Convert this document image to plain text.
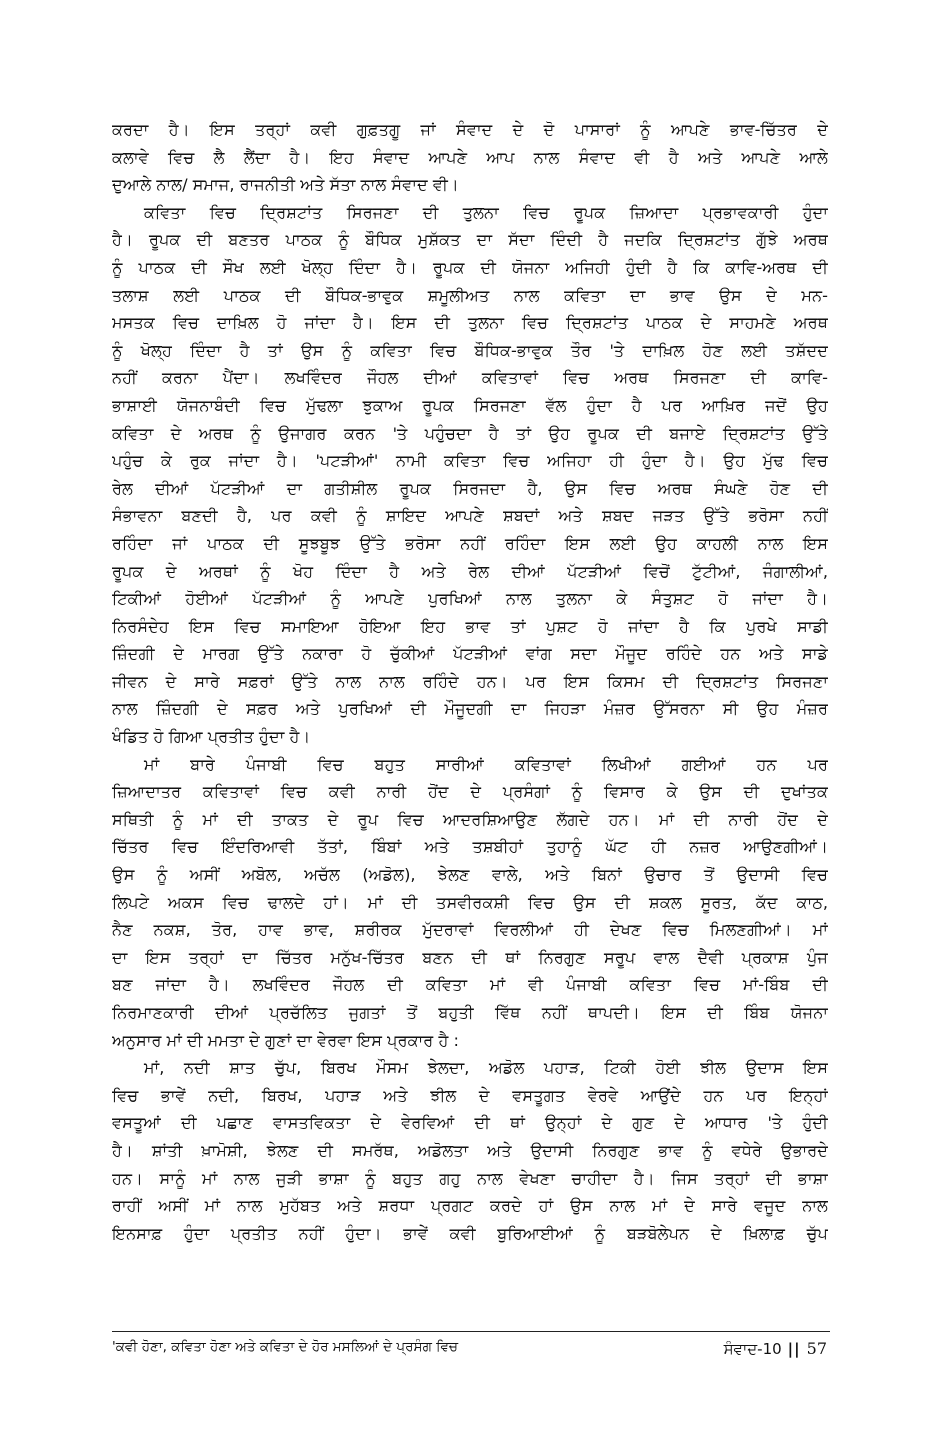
ਕਰਦਾ ਹੈ। ਇਸ ਤਰ੍ਹਾਂ ਕਵੀ ਗੁਫ਼ਤਗੂ ਜਾਂ ਸੰਵਾਦ ਦੇ ਦੋ ਪਾਸਾਰਾਂ ਨੂੰ ਆਪਣੇ ਭਾਵ-ਚਿੱਤਰ ਦੇ
ਕਲਾਵੇ ਵਿਚ ਲੈ ਲੈਂਦਾ ਹੈ। ਇਹ ਸੰਵਾਦ ਆਪਣੇ ਆਪ ਨਾਲ ਸੰਵਾਦ ਵੀ ਹੈ ਅਤੇ ਆਪਣੇ ਆਲੇ
ਦੁਆਲੇ ਨਾਲ/ ਸਮਾਜ, ਰਾਜਨੀਤੀ ਅਤੇ ਸੱਤਾ ਨਾਲ ਸੰਵਾਦ ਵੀ।
ਕਵਿਤਾ ਵਿਚ ਦ੍ਰਿਸ਼ਟਾਂਤ ਸਿਰਜਣਾ ਦੀ ਤੁਲਨਾ ਵਿਚ ਰੂਪਕ ਜ਼ਿਆਦਾ ਪ੍ਰਭਾਵਕਾਰੀ ਹੁੰਦਾ
ਹੈ। ਰੂਪਕ ਦੀ ਬਣਤਰ ਪਾਠਕ ਨੂੰ ਬੌਧਿਕ ਮੁਸ਼ੱਕਤ ਦਾ ਸੱਦਾ ਦਿੰਦੀ ਹੈ ਜਦਕਿ ਦ੍ਰਿਸ਼ਟਾਂਤ ਗੁੱਝੇ ਅਰਥ
ਨੂੰ ਪਾਠਕ ਦੀ ਸੌਖ ਲਈ ਖੋਲ੍ਹ ਦਿੰਦਾ ਹੈ। ਰੂਪਕ ਦੀ ਯੋਜਨਾ ਅਜਿਹੀ ਹੁੰਦੀ ਹੈ ਕਿ ਕਾਵਿ-ਅਰਥ ਦੀ
ਤਲਾਸ਼ ਲਈ ਪਾਠਕ ਦੀ ਬੌਧਿਕ-ਭਾਵੁਕ ਸ਼ਮੂਲੀਅਤ ਨਾਲ ਕਵਿਤਾ ਦਾ ਭਾਵ ਉਸ ਦੇ ਮਨ-
ਮਸਤਕ ਵਿਚ ਦਾਖ਼ਿਲ ਹੋ ਜਾਂਦਾ ਹੈ। ਇਸ ਦੀ ਤੁਲਨਾ ਵਿਚ ਦ੍ਰਿਸ਼ਟਾਂਤ ਪਾਠਕ ਦੇ ਸਾਹਮਣੇ ਅਰਥ
ਨੂੰ ਖੋਲ੍ਹ ਦਿੰਦਾ ਹੈ ਤਾਂ ਉਸ ਨੂੰ ਕਵਿਤਾ ਵਿਚ ਬੌਧਿਕ-ਭਾਵੁਕ ਤੌਰ 'ਤੇ ਦਾਖ਼ਿਲ ਹੋਣ ਲਈ ਤਸ਼ੱਦਦ
ਨਹੀਂ ਕਰਨਾ ਪੈਂਦਾ। ਲਖਵਿੰਦਰ ਜੌਹਲ ਦੀਆਂ ਕਵਿਤਾਵਾਂ ਵਿਚ ਅਰਥ ਸਿਰਜਣਾ ਦੀ ਕਾਵਿ-
ਭਾਸ਼ਾਈ ਯੋਜਨਾਬੰਦੀ ਵਿਚ ਮੁੱਢਲਾ ਝੁਕਾਅ ਰੂਪਕ ਸਿਰਜਣਾ ਵੱਲ ਹੁੰਦਾ ਹੈ ਪਰ ਆਖ਼ਿਰ ਜਦੋਂ ਉਹ
ਕਵਿਤਾ ਦੇ ਅਰਥ ਨੂੰ ਉਜਾਗਰ ਕਰਨ 'ਤੇ ਪਹੁੰਚਦਾ ਹੈ ਤਾਂ ਉਹ ਰੂਪਕ ਦੀ ਬਜਾਏ ਦ੍ਰਿਸ਼ਟਾਂਤ ਉੱਤੇ
ਪਹੁੰਚ ਕੇ ਰੁਕ ਜਾਂਦਾ ਹੈ। 'ਪਟੜੀਆਂ' ਨਾਮੀ ਕਵਿਤਾ ਵਿਚ ਅਜਿਹਾ ਹੀ ਹੁੰਦਾ ਹੈ। ਉਹ ਮੁੱਢ ਵਿਚ
ਰੇਲ ਦੀਆਂ ਪੱਟੜੀਆਂ ਦਾ ਗਤੀਸ਼ੀਲ ਰੂਪਕ ਸਿਰਜਦਾ ਹੈ, ਉਸ ਵਿਚ ਅਰਥ ਸੰਘਣੇ ਹੋਣ ਦੀ
ਸੰਭਾਵਨਾ ਬਣਦੀ ਹੈ, ਪਰ ਕਵੀ ਨੂੰ ਸ਼ਾਇਦ ਆਪਣੇ ਸ਼ਬਦਾਂ ਅਤੇ ਸ਼ਬਦ ਜੜਤ ਉੱਤੇ ਭਰੋਸਾ ਨਹੀਂ
ਰਹਿੰਦਾ ਜਾਂ ਪਾਠਕ ਦੀ ਸੂਝਬੂਝ ਉੱਤੇ ਭਰੋਸਾ ਨਹੀਂ ਰਹਿੰਦਾ ਇਸ ਲਈ ਉਹ ਕਾਹਲੀ ਨਾਲ ਇਸ
ਰੂਪਕ ਦੇ ਅਰਥਾਂ ਨੂੰ ਖੋਹ ਦਿੰਦਾ ਹੈ ਅਤੇ ਰੇਲ ਦੀਆਂ ਪੱਟੜੀਆਂ ਵਿਚੋਂ ਟੁੱਟੀਆਂ, ਜੰਗਾਲੀਆਂ,
ਟਿਕੀਆਂ ਹੋਈਆਂ ਪੱਟੜੀਆਂ ਨੂੰ ਆਪਣੇ ਪੁਰਖਿਆਂ ਨਾਲ ਤੁਲਨਾ ਕੇ ਸੰਤੁਸ਼ਟ ਹੋ ਜਾਂਦਾ ਹੈ।
ਨਿਰਸੰਦੇਹ ਇਸ ਵਿਚ ਸਮਾਇਆ ਹੋਇਆ ਇਹ ਭਾਵ ਤਾਂ ਪੁਸ਼ਟ ਹੋ ਜਾਂਦਾ ਹੈ ਕਿ ਪੁਰਖੇ ਸਾਡੀ
ਜ਼ਿੰਦਗੀ ਦੇ ਮਾਰਗ ਉੱਤੇ ਨਕਾਰਾ ਹੋ ਚੁੱਕੀਆਂ ਪੱਟੜੀਆਂ ਵਾਂਗ ਸਦਾ ਮੌਜੂਦ ਰਹਿੰਦੇ ਹਨ ਅਤੇ ਸਾਡੇ
ਜੀਵਨ ਦੇ ਸਾਰੇ ਸਫ਼ਰਾਂ ਉੱਤੇ ਨਾਲ ਨਾਲ ਰਹਿੰਦੇ ਹਨ। ਪਰ ਇਸ ਕਿਸਮ ਦੀ ਦ੍ਰਿਸ਼ਟਾਂਤ ਸਿਰਜਣਾ
ਨਾਲ ਜ਼ਿੰਦਗੀ ਦੇ ਸਫ਼ਰ ਅਤੇ ਪੁਰਖਿਆਂ ਦੀ ਮੌਜੂਦਗੀ ਦਾ ਜਿਹੜਾ ਮੰਜ਼ਰ ਉੱਸਰਨਾ ਸੀ ਉਹ ਮੰਜ਼ਰ
ਖੰਡਿਤ ਹੋ ਗਿਆ ਪ੍ਰਤੀਤ ਹੁੰਦਾ ਹੈ।
ਮਾਂ ਬਾਰੇ ਪੰਜਾਬੀ ਵਿਚ ਬਹੁਤ ਸਾਰੀਆਂ ਕਵਿਤਾਵਾਂ ਲਿਖੀਆਂ ਗਈਆਂ ਹਨ ਪਰ
ਜ਼ਿਆਦਾਤਰ ਕਵਿਤਾਵਾਂ ਵਿਚ ਕਵੀ ਨਾਰੀ ਹੋਂਦ ਦੇ ਪ੍ਰਸੰਗਾਂ ਨੂੰ ਵਿਸਾਰ ਕੇ ਉਸ ਦੀ ਦੁਖਾਂਤਕ
ਸਥਿਤੀ ਨੂੰ ਮਾਂ ਦੀ ਤਾਕਤ ਦੇ ਰੂਪ ਵਿਚ ਆਦਰਸ਼ਿਆਉਣ ਲੱਗਦੇ ਹਨ। ਮਾਂ ਦੀ ਨਾਰੀ ਹੋਂਦ ਦੇ
ਚਿੱਤਰ ਵਿਚ ਇੰਦਰਿਆਵੀ ਤੱਤਾਂ, ਬਿੰਬਾਂ ਅਤੇ ਤਸ਼ਬੀਹਾਂ ਤੁਹਾਨੂੰ ਘੱਟ ਹੀ ਨਜ਼ਰ ਆਉਣਗੀਆਂ।
ਉਸ ਨੂੰ ਅਸੀਂ ਅਬੋਲ, ਅਚੱਲ (ਅਡੋਲ), ਝੇਲਣ ਵਾਲੇ, ਅਤੇ ਬਿਨਾਂ ਉਚਾਰ ਤੋਂ ਉਦਾਸੀ ਵਿਚ
ਲਿਪਟੇ ਅਕਸ ਵਿਚ ਢਾਲਦੇ ਹਾਂ। ਮਾਂ ਦੀ ਤਸਵੀਰਕਸ਼ੀ ਵਿਚ ਉਸ ਦੀ ਸ਼ਕਲ ਸੂਰਤ, ਕੱਦ ਕਾਠ,
ਨੈਣ ਨਕਸ਼, ਤੋਰ, ਹਾਵ ਭਾਵ, ਸ਼ਰੀਰਕ ਮੁੱਦਰਾਵਾਂ ਵਿਰਲੀਆਂ ਹੀ ਦੇਖਣ ਵਿਚ ਮਿਲਣਗੀਆਂ। ਮਾਂ
ਦਾ ਇਸ ਤਰ੍ਹਾਂ ਦਾ ਚਿੱਤਰ ਮਨੁੱਖ-ਚਿੱਤਰ ਬਣਨ ਦੀ ਥਾਂ ਨਿਰਗੁਣ ਸਰੂਪ ਵਾਲ ਦੈਵੀ ਪ੍ਰਕਾਸ਼ ਪੁੰਜ
ਬਣ ਜਾਂਦਾ ਹੈ। ਲਖਵਿੰਦਰ ਜੌਹਲ ਦੀ ਕਵਿਤਾ ਮਾਂ ਵੀ ਪੰਜਾਬੀ ਕਵਿਤਾ ਵਿਚ ਮਾਂ-ਬਿੰਬ ਦੀ
ਨਿਰਮਾਣਕਾਰੀ ਦੀਆਂ ਪ੍ਰਚੱਲਿਤ ਜੁਗਤਾਂ ਤੋਂ ਬਹੁਤੀ ਵਿੱਥ ਨਹੀਂ ਥਾਪਦੀ। ਇਸ ਦੀ ਬਿੰਬ ਯੋਜਨਾ
ਅਨੁਸਾਰ ਮਾਂ ਦੀ ਮਮਤਾ ਦੇ ਗੁਣਾਂ ਦਾ ਵੇਰਵਾ ਇਸ ਪ੍ਰਕਾਰ ਹੈ :
ਮਾਂ, ਨਦੀ ਸ਼ਾਤ ਚੁੱਪ, ਬਿਰਖ ਮੌਸਮ ਝੇਲਦਾ, ਅਡੋਲ ਪਹਾੜ, ਟਿਕੀ ਹੋਈ ਝੀਲ ਉਦਾਸ ਇਸ
ਵਿਚ ਭਾਵੇਂ ਨਦੀ, ਬਿਰਖ, ਪਹਾੜ ਅਤੇ ਝੀਲ ਦੇ ਵਸਤੂਗਤ ਵੇਰਵੇ ਆਉਂਦੇ ਹਨ ਪਰ ਇਨ੍ਹਾਂ
ਵਸਤੂਆਂ ਦੀ ਪਛਾਣ ਵਾਸਤਵਿਕਤਾ ਦੇ ਵੇਰਵਿਆਂ ਦੀ ਥਾਂ ਉਨ੍ਹਾਂ ਦੇ ਗੁਣ ਦੇ ਆਧਾਰ 'ਤੇ ਹੁੰਦੀ
ਹੈ। ਸ਼ਾਂਤੀ ਖ਼ਾਮੋਸ਼ੀ, ਝੇਲਣ ਦੀ ਸਮਰੱਥ, ਅਡੋਲਤਾ ਅਤੇ ਉਦਾਸੀ ਨਿਰਗੁਣ ਭਾਵ ਨੂੰ ਵਧੇਰੇ ਉਭਾਰਦੇ
ਹਨ। ਸਾਨੂੰ ਮਾਂ ਨਾਲ ਜੁੜੀ ਭਾਸ਼ਾ ਨੂੰ ਬਹੁਤ ਗਹੁ ਨਾਲ ਵੇਖਣਾ ਚਾਹੀਦਾ ਹੈ। ਜਿਸ ਤਰ੍ਹਾਂ ਦੀ ਭਾਸ਼ਾ
ਰਾਹੀਂ ਅਸੀਂ ਮਾਂ ਨਾਲ ਮੁਹੱਬਤ ਅਤੇ ਸ਼ਰਧਾ ਪ੍ਰਗਟ ਕਰਦੇ ਹਾਂ ਉਸ ਨਾਲ ਮਾਂ ਦੇ ਸਾਰੇ ਵਜੂਦ ਨਾਲ
ਇਨਸਾਫ਼ ਹੁੰਦਾ ਪ੍ਰਤੀਤ ਨਹੀਂ ਹੁੰਦਾ। ਭਾਵੇਂ ਕਵੀ ਬੁਰਿਆਈਆਂ ਨੂੰ ਬੜਬੋਲੇਪਨ ਦੇ ਖ਼ਿਲਾਫ਼ ਚੁੱਪ
'ਕਵੀ ਹੋਣਾ, ਕਵਿਤਾ ਹੋਣਾ ਅਤੇ ਕਵਿਤਾ ਦੇ ਹੋਰ ਮਸਲਿਆਂ ਦੇ ਪ੍ਰਸੰਗ ਵਿਚ	ਸੰਵਾਦ-10 || 57
